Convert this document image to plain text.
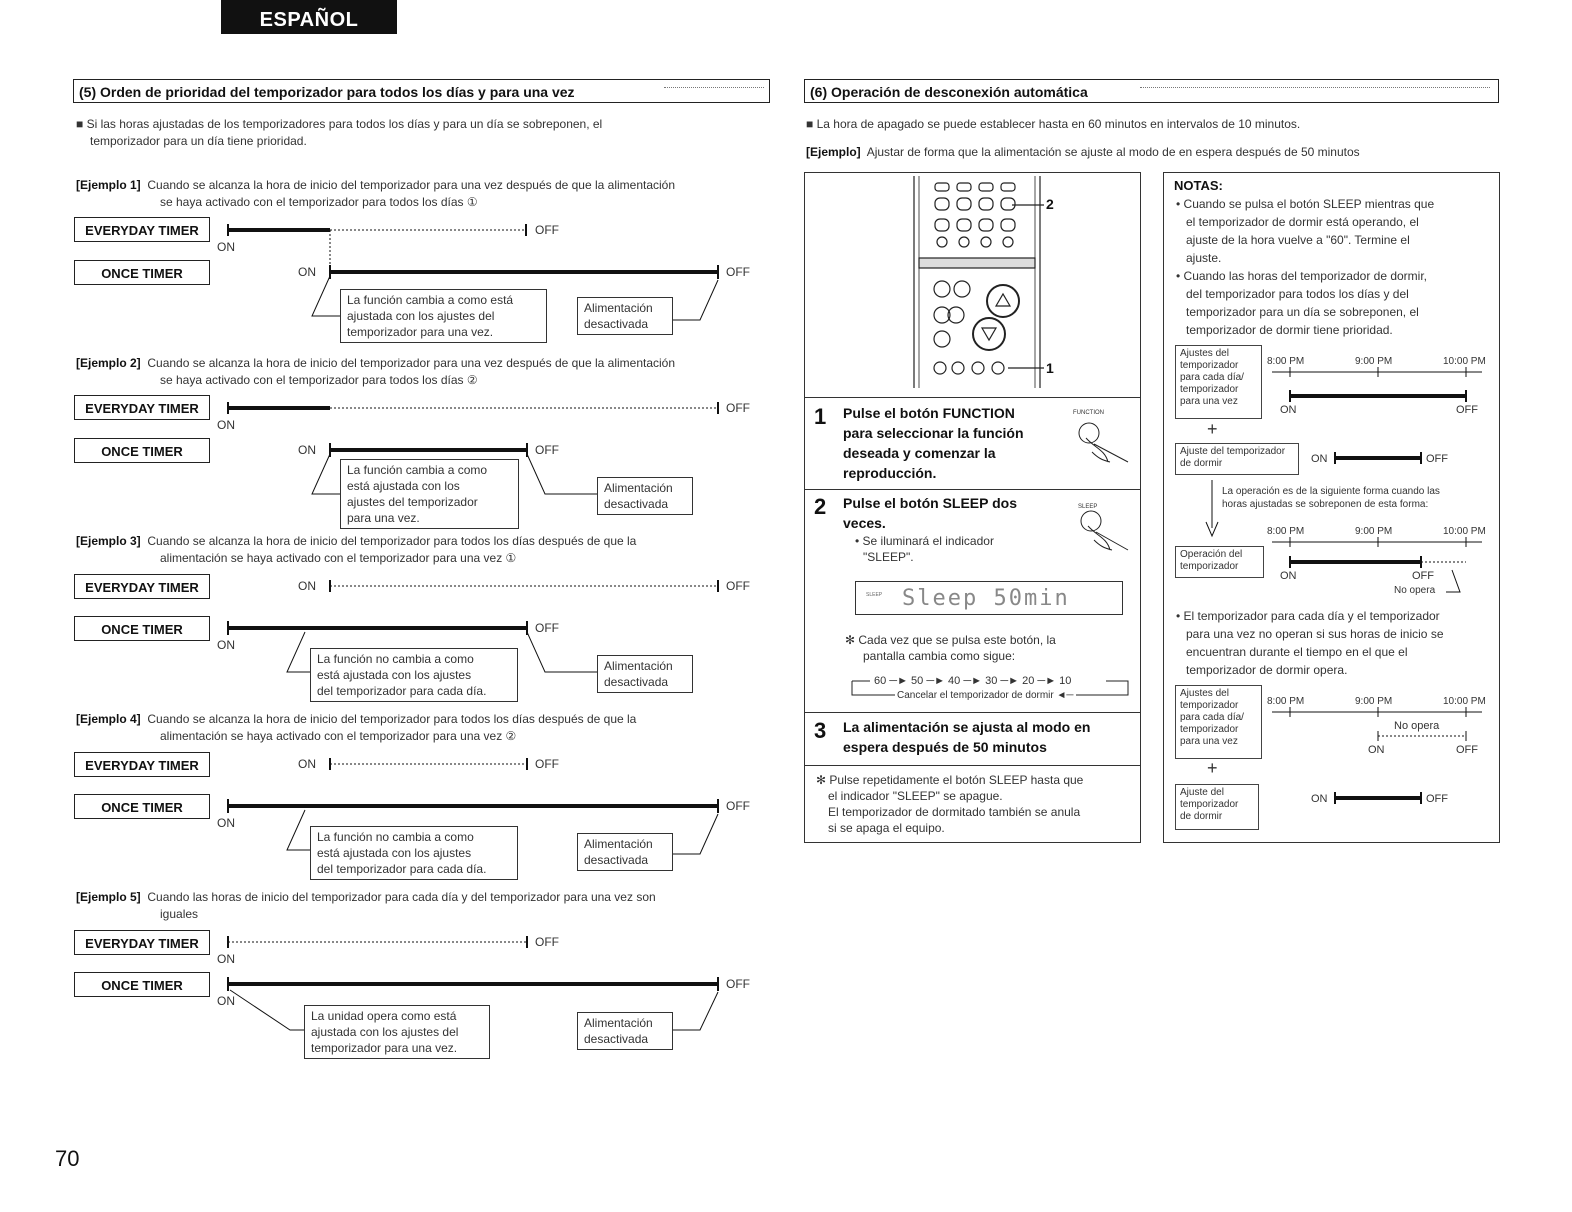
ESPAÑOL
(5) Orden de prioridad del temporizador para todos los días y para una vez
■ Si las horas ajustadas de los temporizadores para todos los días y para un día se sobreponen, el
temporizador para un día tiene prioridad.
[Ejemplo 1] Cuando se alcanza la hora de inicio del temporizador para una vez después de que la alimentación
se haya activado con el temporizador para todos los días ①
[Ejemplo 2] Cuando se alcanza la hora de inicio del temporizador para una vez después de que la alimentación
se haya activado con el temporizador para todos los días ②
[Ejemplo 3] Cuando se alcanza la hora de inicio del temporizador para todos los días después de que la
alimentación se haya activado con el temporizador para una vez ①
[Ejemplo 4] Cuando se alcanza la hora de inicio del temporizador para todos los días después de que la
alimentación se haya activado con el temporizador para una vez ②
[Ejemplo 5] Cuando las horas de inicio del temporizador para cada día y del temporizador para una vez son
iguales
EVERYDAY TIMER
ONCE TIMER
EVERYDAY TIMER
ONCE TIMER
EVERYDAY TIMER
ONCE TIMER
EVERYDAY TIMER
ONCE TIMER
EVERYDAY TIMER
ONCE TIMER
ON
OFF
ON	OFF
ON
OFF
ON	OFF
ON	OFF
ON
OFF
ON	OFF
ON
OFF
ON
OFF
ON
OFF
La función cambia a como está
ajustada con los ajustes del
temporizador para una vez.
Alimentación
desactivada
La función cambia a como
está ajustada con los
ajustes del temporizador
para una vez.
Alimentación
desactivada
La función no cambia a como
está ajustada con los ajustes
del temporizador para cada día.
Alimentación
desactivada
La función no cambia a como
está ajustada con los ajustes
del temporizador para cada día.
Alimentación
desactivada
La unidad opera como está
ajustada con los ajustes del
temporizador para una vez.
Alimentación
desactivada
(6) Operación de desconexión automática
■ La hora de apagado se puede establecer hasta en 60 minutos en intervalos de 10 minutos.
[Ejemplo] Ajustar de forma que la alimentación se ajuste al modo de en espera después de 50 minutos
2
1
1 Pulse el botón FUNCTION
para seleccionar la función
deseada y comenzar la
reproducción.
FUNCTION
2 Pulse el botón SLEEP dos
veces.
• Se iluminará el indicador
"SLEEP".
SLEEP
SLEEP Sleep 50min
✻ Cada vez que se pulsa este botón, la
pantalla cambia como sigue:
60 ─► 50 ─► 40 ─► 30 ─► 20 ─► 10
Cancelar el temporizador de dormir ◄─
3 La alimentación se ajusta al modo en
espera después de 50 minutos
✻ Pulse repetidamente el botón SLEEP hasta que
el indicador "SLEEP" se apague.
El temporizador de dormitado también se anula
si se apaga el equipo.
NOTAS:
• Cuando se pulsa el botón SLEEP mientras que
el temporizador de dormir está operando, el
ajuste de la hora vuelve a "60". Termine el
ajuste.
• Cuando las horas del temporizador de dormir,
del temporizador para todos los días y del
temporizador para un día se sobreponen, el
temporizador de dormir tiene prioridad.
Ajustes del
temporizador
para cada día/
temporizador
para una vez
8:00 PM	9:00 PM	10:00 PM
ON	OFF
+
Ajuste del temporizador
de dormir	ON	OFF
La operación es de la siguiente forma cuando las
horas ajustadas se sobreponen de esta forma:
8:00 PM	9:00 PM	10:00 PM
Operación del
temporizador
ON	OFF
No opera
• El temporizador para cada día y el temporizador
para una vez no operan si sus horas de inicio se
encuentran durante el tiempo en el que el
temporizador de dormir opera.
Ajustes del
temporizador
para cada día/
temporizador
para una vez
8:00 PM	9:00 PM	10:00 PM
No opera
ON	OFF
+
Ajuste del
temporizador
de dormir
ON	OFF
70
